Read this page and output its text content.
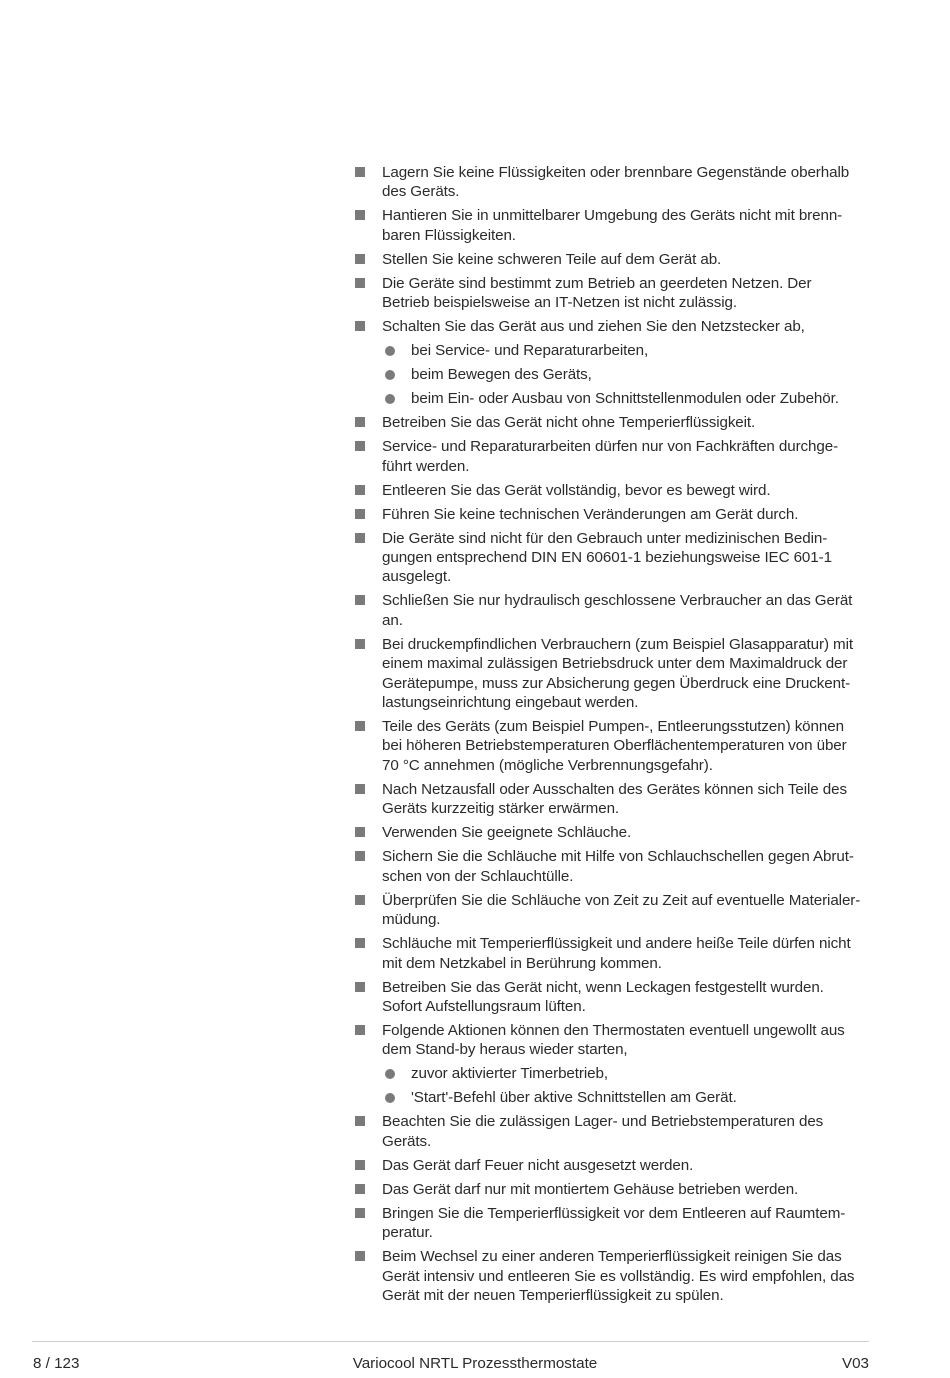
Lagern Sie keine Flüssigkeiten oder brennbare Gegenstände oberhalb
des Geräts.
Hantieren Sie in unmittelbarer Umgebung des Geräts nicht mit brenn-
baren Flüssigkeiten.
Stellen Sie keine schweren Teile auf dem Gerät ab.
Die Geräte sind bestimmt zum Betrieb an geerdeten Netzen. Der
Betrieb beispielsweise an IT-Netzen ist nicht zulässig.
Schalten Sie das Gerät aus und ziehen Sie den Netzstecker ab,
bei Service- und Reparaturarbeiten,
beim Bewegen des Geräts,
beim Ein- oder Ausbau von Schnittstellenmodulen oder Zubehör.
Betreiben Sie das Gerät nicht ohne Temperierflüssigkeit.
Service- und Reparaturarbeiten dürfen nur von Fachkräften durchge-
führt werden.
Entleeren Sie das Gerät vollständig, bevor es bewegt wird.
Führen Sie keine technischen Veränderungen am Gerät durch.
Die Geräte sind nicht für den Gebrauch unter medizinischen Bedin-
gungen entsprechend DIN EN 60601-1 beziehungsweise IEC 601-1
ausgelegt.
Schließen Sie nur hydraulisch geschlossene Verbraucher an das Gerät
an.
Bei druckempfindlichen Verbrauchern (zum Beispiel Glasapparatur) mit
einem maximal zulässigen Betriebsdruck unter dem Maximaldruck der
Gerätepumpe, muss zur Absicherung gegen Überdruck eine Druckent-
lastungseinrichtung eingebaut werden.
Teile des Geräts (zum Beispiel Pumpen-, Entleerungsstutzen) können
bei höheren Betriebstemperaturen Oberflächentemperaturen von über
70 °C annehmen (mögliche Verbrennungsgefahr).
Nach Netzausfall oder Ausschalten des Gerätes können sich Teile des
Geräts kurzzeitig stärker erwärmen.
Verwenden Sie geeignete Schläuche.
Sichern Sie die Schläuche mit Hilfe von Schlauchschellen gegen Abrut-
schen von der Schlauchtülle.
Überprüfen Sie die Schläuche von Zeit zu Zeit auf eventuelle Materialer-
müdung.
Schläuche mit Temperierflüssigkeit und andere heiße Teile dürfen nicht
mit dem Netzkabel in Berührung kommen.
Betreiben Sie das Gerät nicht, wenn Leckagen festgestellt wurden.
Sofort Aufstellungsraum lüften.
Folgende Aktionen können den Thermostaten eventuell ungewollt aus
dem Stand-by heraus wieder starten,
zuvor aktivierter Timerbetrieb,
'Start'-Befehl über aktive Schnittstellen am Gerät.
Beachten Sie die zulässigen Lager- und Betriebstemperaturen des
Geräts.
Das Gerät darf Feuer nicht ausgesetzt werden.
Das Gerät darf nur mit montiertem Gehäuse betrieben werden.
Bringen Sie die Temperierflüssigkeit vor dem Entleeren auf Raumtem-
peratur.
Beim Wechsel zu einer anderen Temperierflüssigkeit reinigen Sie das
Gerät intensiv und entleeren Sie es vollständig. Es wird empfohlen, das
Gerät mit der neuen Temperierflüssigkeit zu spülen.
8 / 123	Variocool NRTL Prozessthermostate	V03
